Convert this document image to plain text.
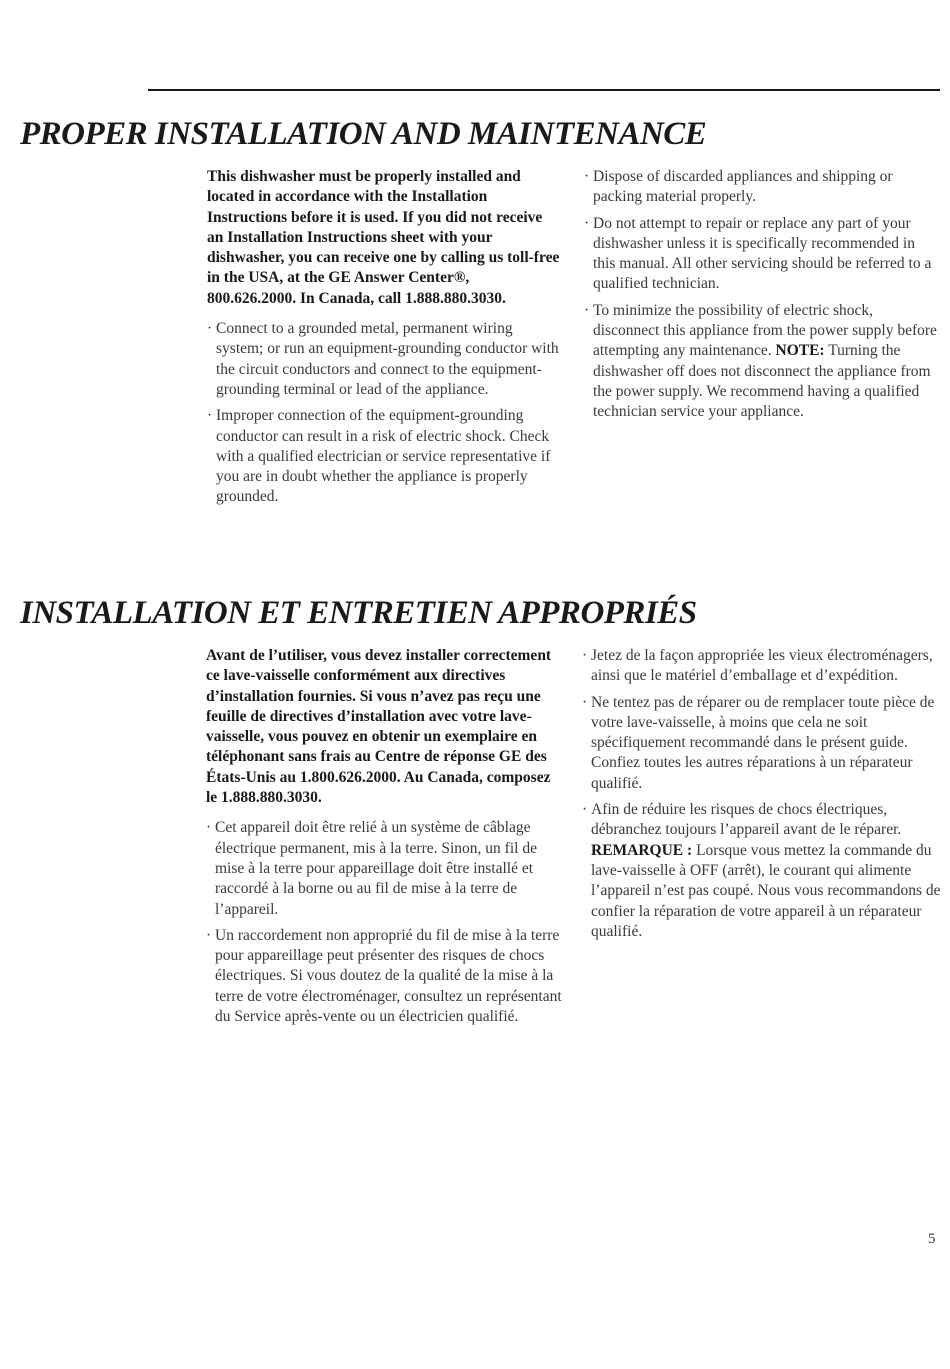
PROPER INSTALLATION AND MAINTENANCE

This dishwasher must be properly installed and located in accordance with the Installation Instructions before it is used. If you did not receive an Installation Instructions sheet with your dishwasher, you can receive one by calling us toll-free in the USA, at the GE Answer Center®, 800.626.2000. In Canada, call 1.888.880.3030.

· Connect to a grounded metal, permanent wiring system; or run an equipment-grounding conductor with the circuit conductors and connect to the equipment-grounding terminal or lead of the appliance.

· Improper connection of the equipment-grounding conductor can result in a risk of electric shock. Check with a qualified electrician or service representative if you are in doubt whether the appliance is properly grounded.

· Dispose of discarded appliances and shipping or packing material properly.

· Do not attempt to repair or replace any part of your dishwasher unless it is specifically recommended in this manual. All other servicing should be referred to a qualified technician.

· To minimize the possibility of electric shock, disconnect this appliance from the power supply before attempting any maintenance. NOTE: Turning the dishwasher off does not disconnect the appliance from the power supply. We recommend having a qualified technician service your appliance.

INSTALLATION ET ENTRETIEN APPROPRIÉS

Avant de l’utiliser, vous devez installer correctement ce lave-vaisselle conformément aux directives d’installation fournies. Si vous n’avez pas reçu une feuille de directives d’installation avec votre lave-vaisselle, vous pouvez en obtenir un exemplaire en téléphonant sans frais au Centre de réponse GE des États-Unis au 1.800.626.2000. Au Canada, composez le 1.888.880.3030.

· Cet appareil doit être relié à un système de câblage électrique permanent, mis à la terre. Sinon, un fil de mise à la terre pour appareillage doit être installé et raccordé à la borne ou au fil de mise à la terre de l’appareil.

· Un raccordement non approprié du fil de mise à la terre pour appareillage peut présenter des risques de chocs électriques. Si vous doutez de la qualité de la mise à la terre de votre électroménager, consultez un représentant du Service après-vente ou un électricien qualifié.

· Jetez de la façon appropriée les vieux électroménagers, ainsi que le matériel d’emballage et d’expédition.

· Ne tentez pas de réparer ou de remplacer toute pièce de votre lave-vaisselle, à moins que cela ne soit spécifiquement recommandé dans le présent guide. Confiez toutes les autres réparations à un réparateur qualifié.

· Afin de réduire les risques de chocs électriques, débranchez toujours l’appareil avant de le réparer. REMARQUE : Lorsque vous mettez la commande du lave-vaisselle à OFF (arrêt), le courant qui alimente l’appareil n’est pas coupé. Nous vous recommandons de confier la réparation de votre appareil à un réparateur qualifié.

5
